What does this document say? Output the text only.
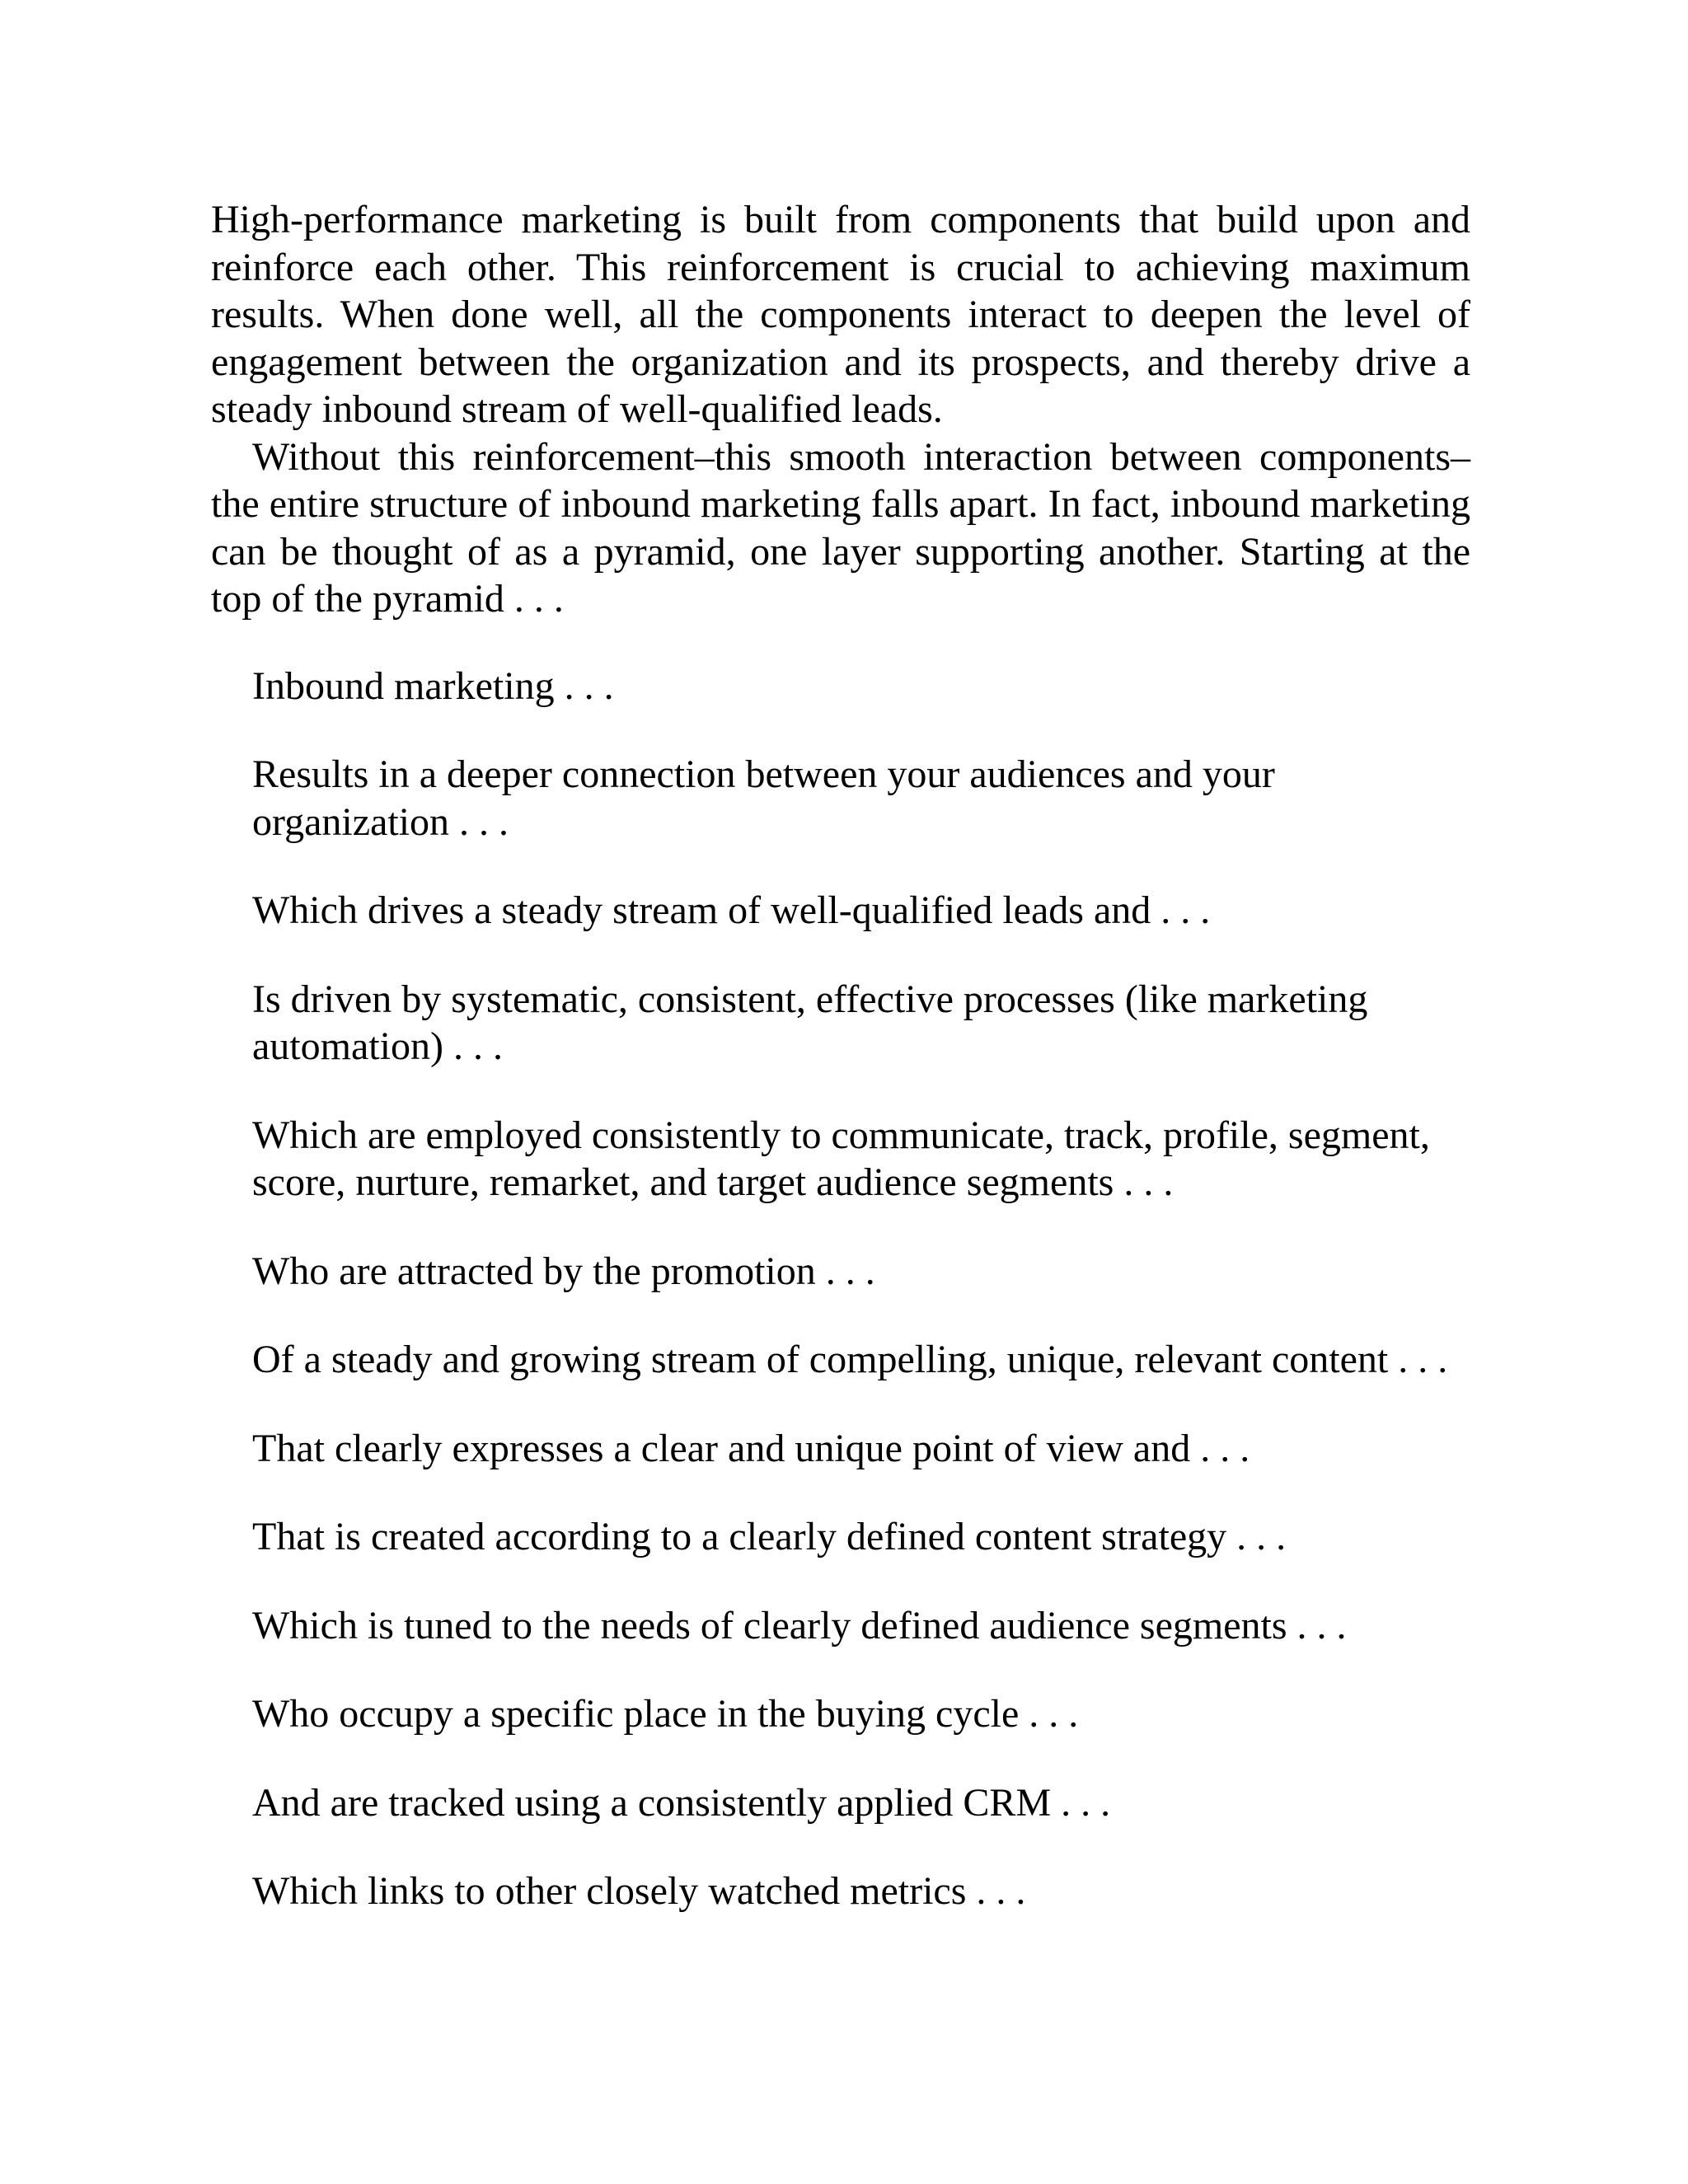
High-performance marketing is built from components that build upon and reinforce each other. This reinforcement is crucial to achieving maximum results. When done well, all the components interact to deepen the level of engagement between the organization and its prospects, and thereby drive a steady inbound stream of well-qualified leads.

Without this reinforcement–this smooth interaction between components–the entire structure of inbound marketing falls apart. In fact, inbound marketing can be thought of as a pyramid, one layer supporting another. Starting at the top of the pyramid . . .

Inbound marketing . . .
Results in a deeper connection between your audiences and your organization . . .
Which drives a steady stream of well-qualified leads and . . .
Is driven by systematic, consistent, effective processes (like marketing automation) . . .
Which are employed consistently to communicate, track, profile, segment, score, nurture, remarket, and target audience segments . . .
Who are attracted by the promotion . . .
Of a steady and growing stream of compelling, unique, relevant content . . .
That clearly expresses a clear and unique point of view and . . .
That is created according to a clearly defined content strategy . . .
Which is tuned to the needs of clearly defined audience segments . . .
Who occupy a specific place in the buying cycle . . .
And are tracked using a consistently applied CRM . . .
Which links to other closely watched metrics . . .
